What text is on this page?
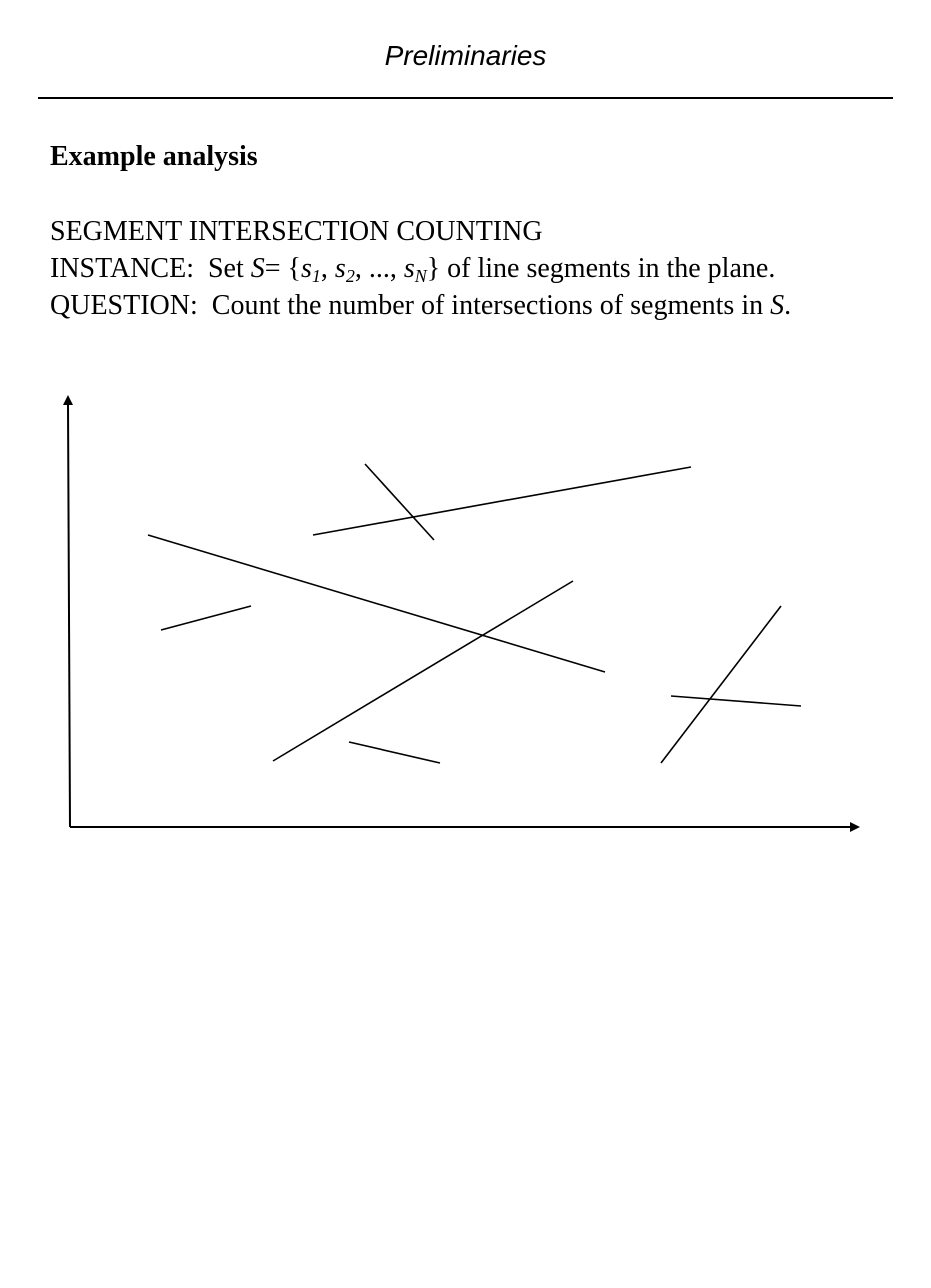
Preliminaries
Example analysis
SEGMENT INTERSECTION COUNTING
INSTANCE: Set $S= \{s_1$, $s_2$, ..., $s_N$} of line segments in the plane.
QUESTION: Count the number of intersections of segments in S.
